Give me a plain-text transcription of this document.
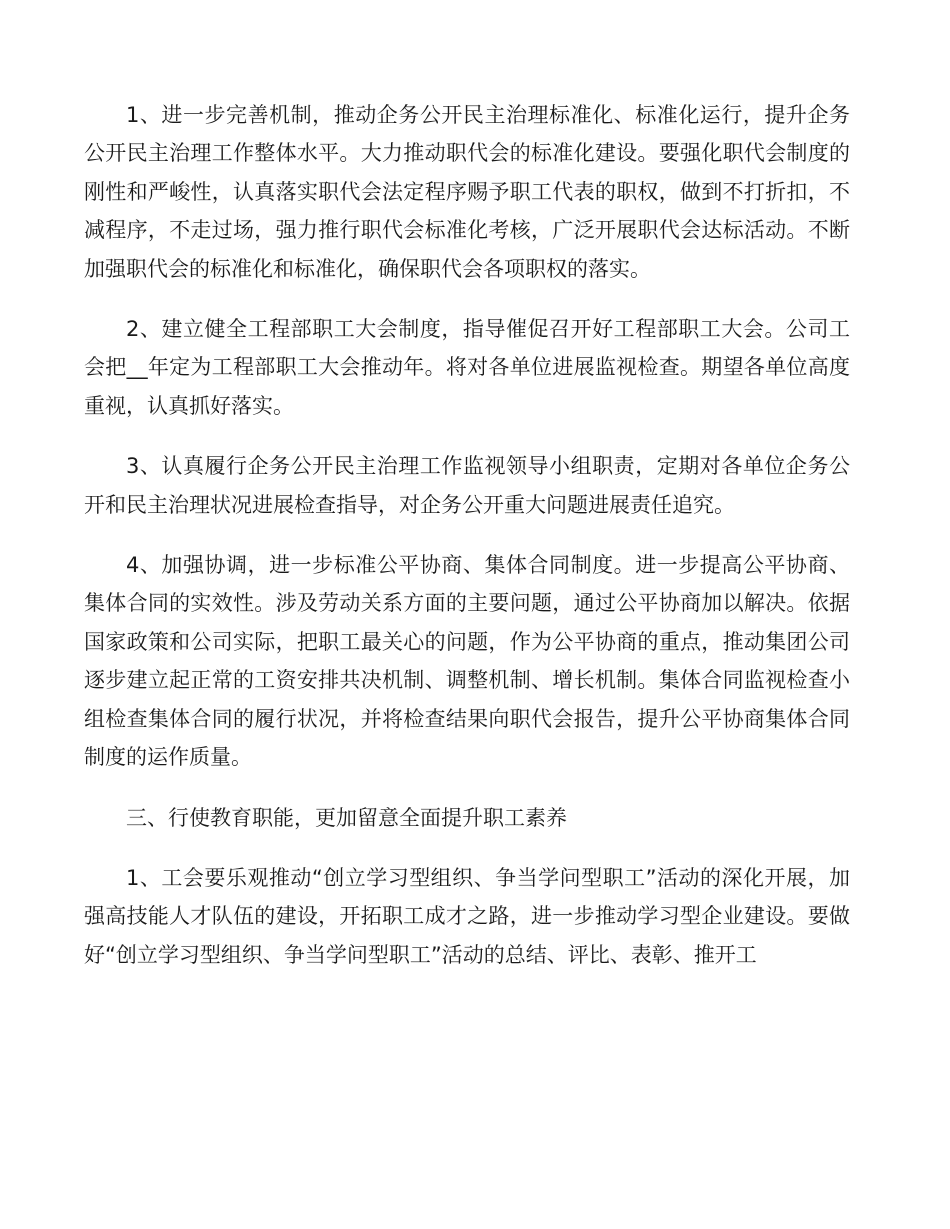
1、进一步完善机制，推动企务公开民主治理标准化、标准化运行，提升企务公开民主治理工作整体水平。大力推动职代会的标准化建设。要强化职代会制度的刚性和严峻性，认真落实职代会法定程序赐予职工代表的职权，做到不打折扣，不减程序，不走过场，强力推行职代会标准化考核，广泛开展职代会达标活动。不断加强职代会的标准化和标准化，确保职代会各项职权的落实。

2、建立健全工程部职工大会制度，指导催促召开好工程部职工大会。公司工会把__年定为工程部职工大会推动年。将对各单位进展监视检查。期望各单位高度重视，认真抓好落实。

3、认真履行企务公开民主治理工作监视领导小组职责，定期对各单位企务公开和民主治理状况进展检查指导，对企务公开重大问题进展责任追究。

4、加强协调，进一步标准公平协商、集体合同制度。进一步提高公平协商、集体合同的实效性。涉及劳动关系方面的主要问题，通过公平协商加以解决。依据国家政策和公司实际，把职工最关心的问题，作为公平协商的重点，推动集团公司逐步建立起正常的工资安排共决机制、调整机制、增长机制。集体合同监视检查小组检查集体合同的履行状况，并将检查结果向职代会报告，提升公平协商集体合同制度的运作质量。

三、行使教育职能，更加留意全面提升职工素养

1、工会要乐观推动“创立学习型组织、争当学问型职工”活动的深化开展，加强高技能人才队伍的建设，开拓职工成才之路，进一步推动学习型企业建设。要做好“创立学习型组织、争当学问型职工”活动的总结、评比、表彰、推开工
